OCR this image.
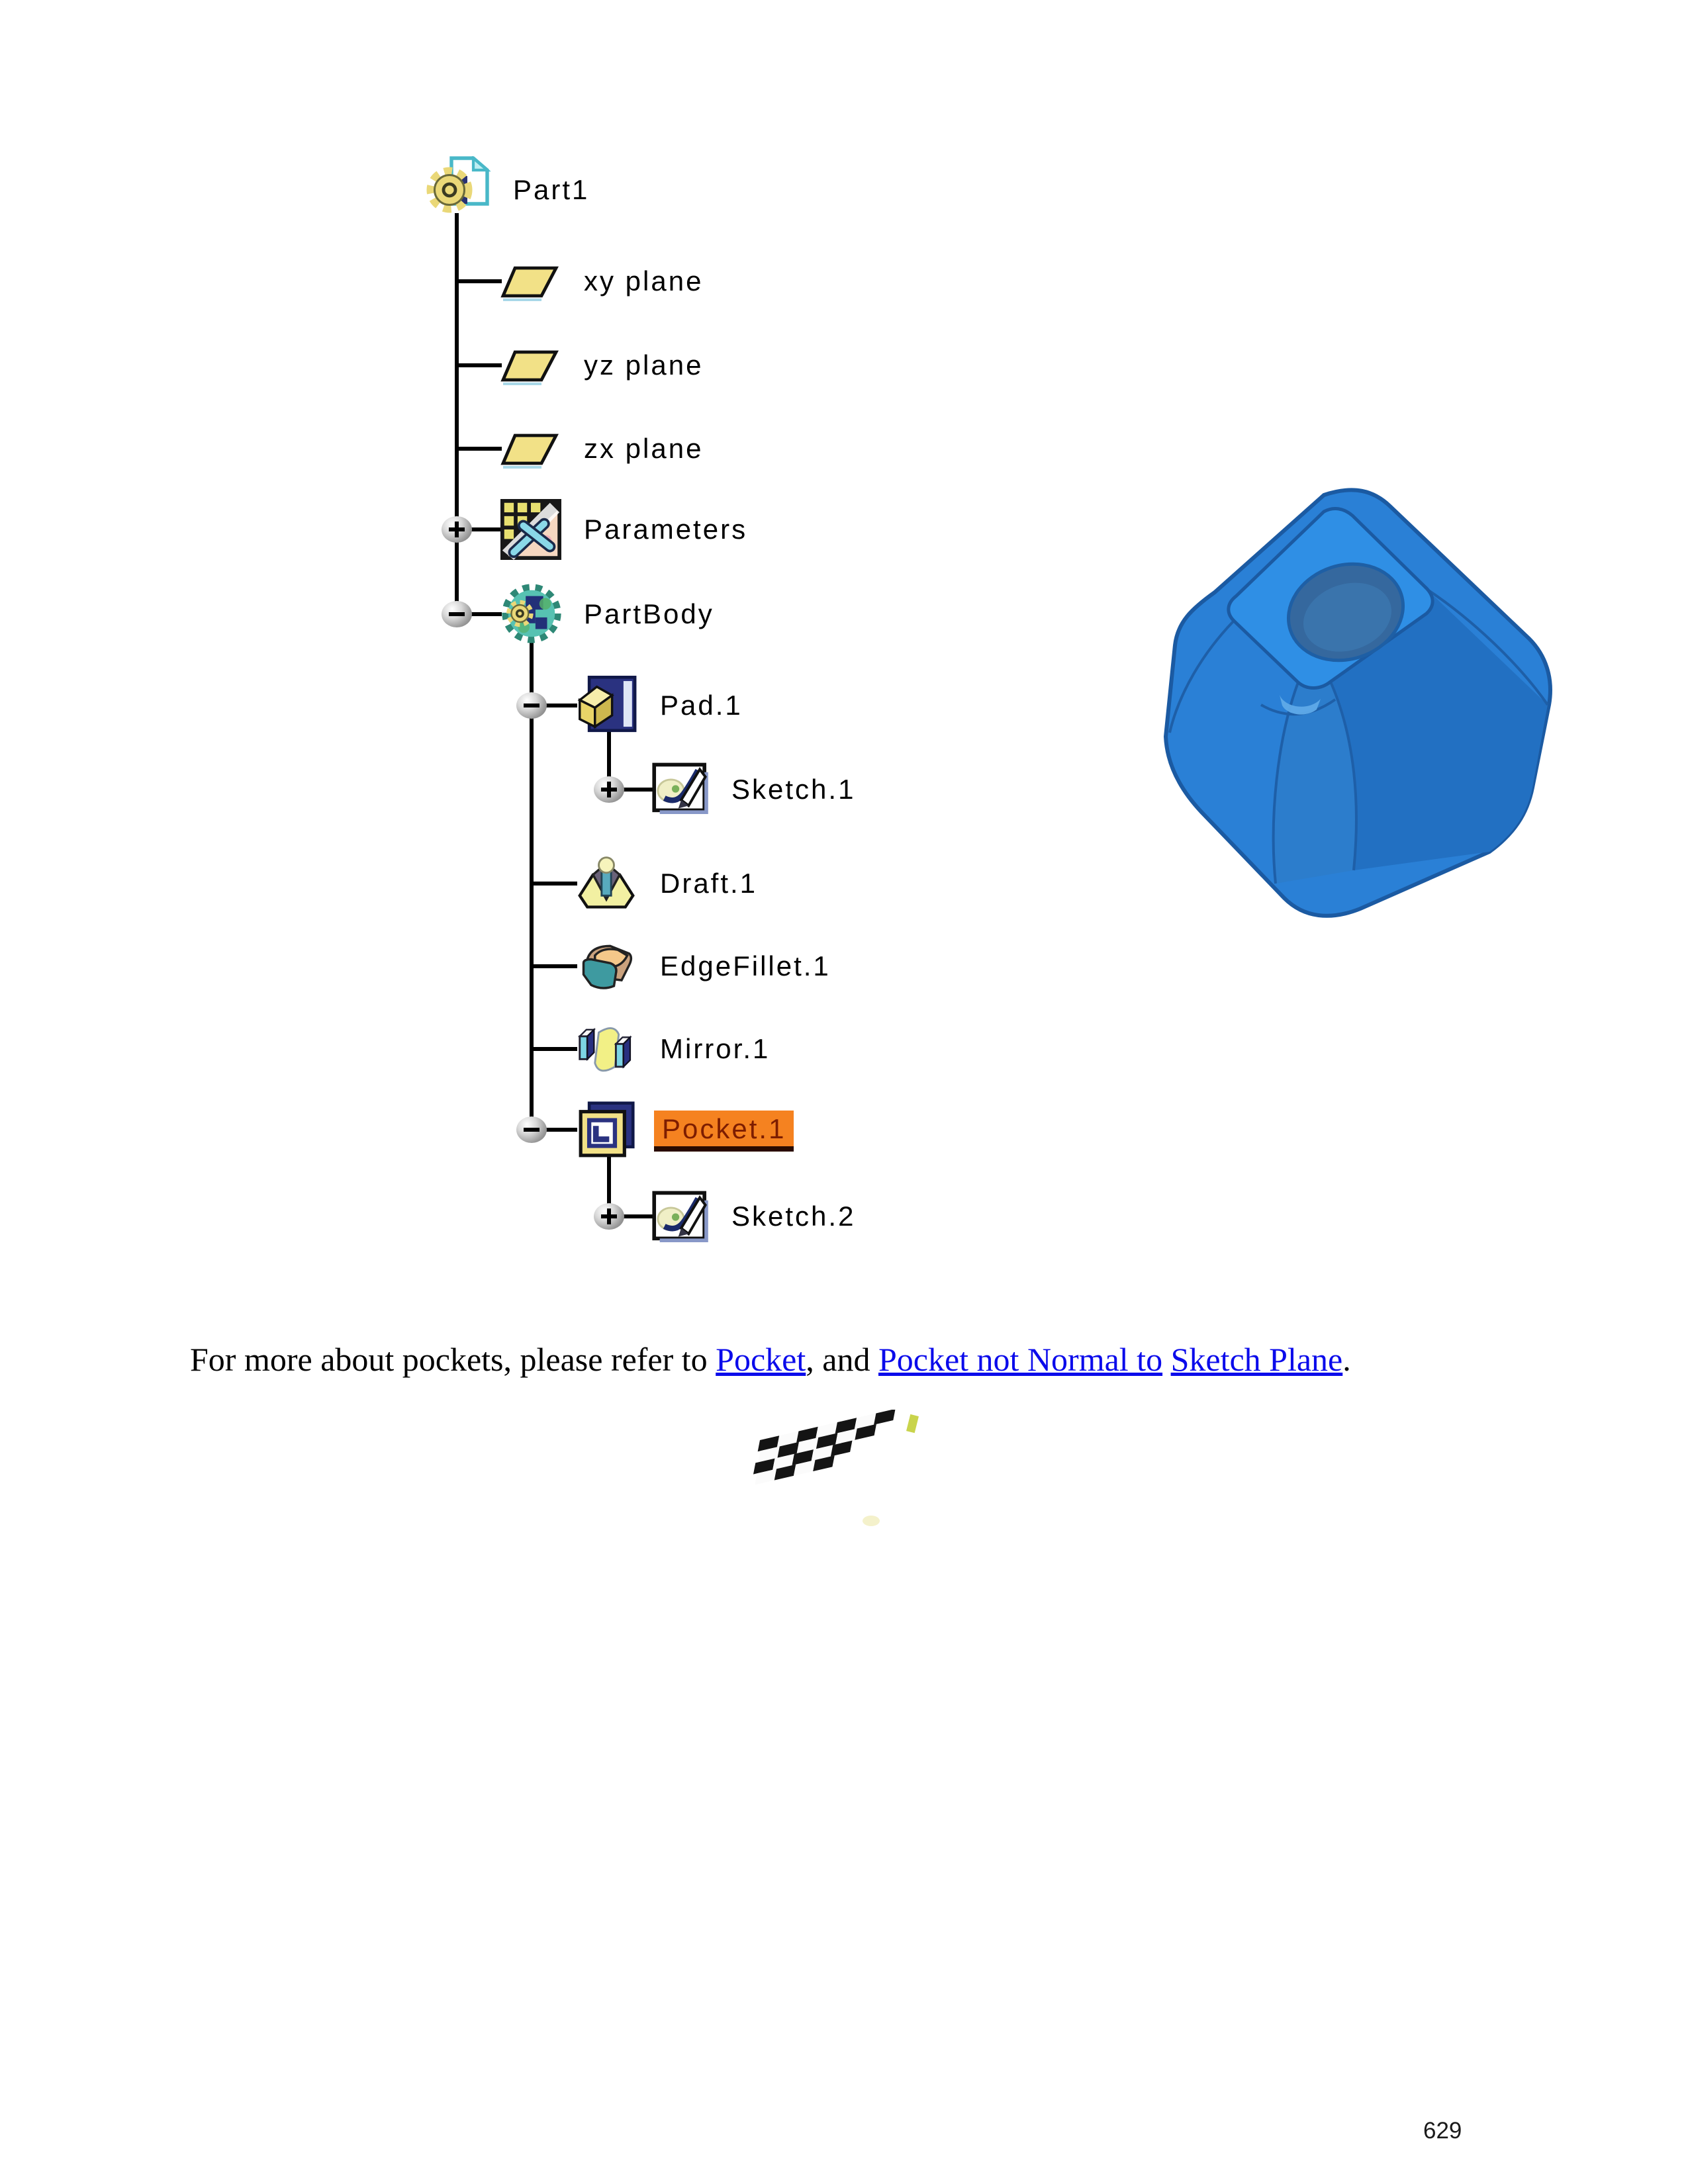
Part1
xy plane
yz plane
zx plane
Parameters
PartBody
Pad.1
Sketch.1
Draft.1
EdgeFillet.1
Mirror.1
Pocket.1
Sketch.2

For more about pockets, please refer to Pocket, and Pocket not Normal to Sketch Plane.

629
